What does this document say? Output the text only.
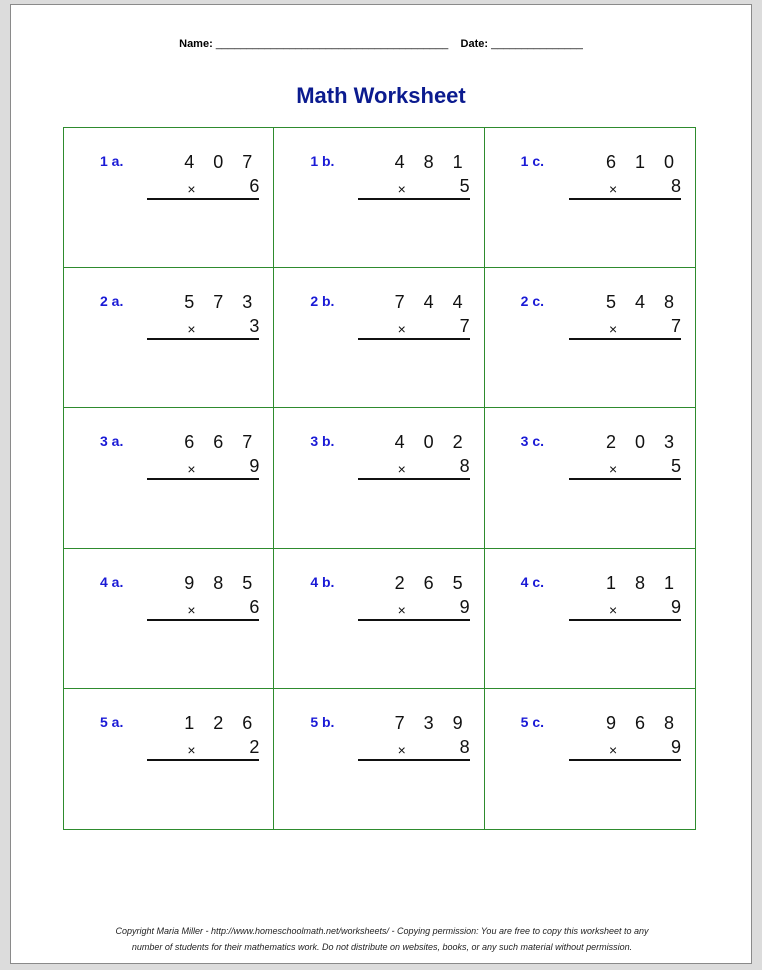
Name: ______________________________________ Date: _______________
Math Worksheet
1 a.	4 0 7
×	6
1 b.	4 8 1
×	5
1 c.	6 1 0
×	8
2 a.	5 7 3
×	3
2 b.	7 4 4
×	7
2 c.	5 4 8
×	7
3 a.	6 6 7
×	9
3 b.	4 0 2
×	8
3 c.	2 0 3
×	5
4 a.	9 8 5
×	6
4 b.	2 6 5
×	9
4 c.	1 8 1
×	9
5 a.	1 2 6
×	2
5 b.	7 3 9
×	8
5 c.	9 6 8
×	9
Copyright Maria Miller - http://www.homeschoolmath.net/worksheets/ - Copying permission: You are free to copy this worksheet to any
number of students for their mathematics work. Do not distribute on websites, books, or any such material without permission.
